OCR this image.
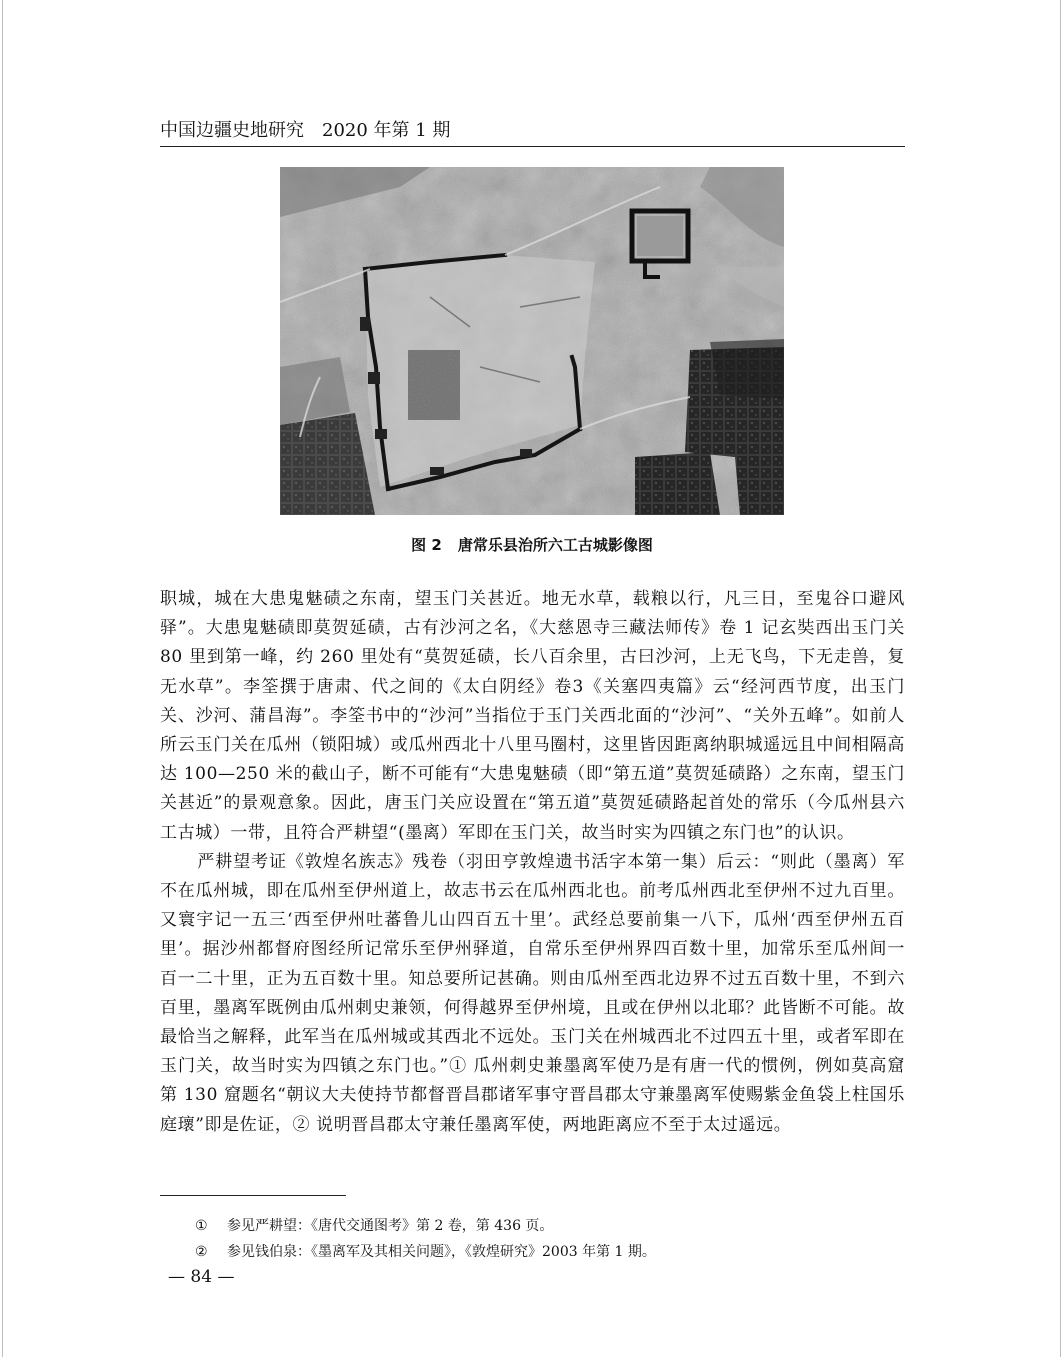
中国边疆史地研究　2020 年第 1 期
图 2 唐常乐县治所六工古城影像图

职城，城在大患鬼魅碛之东南，望玉门关甚近。地无水草，载粮以行，凡三日，至鬼谷口避风驿”。大患鬼魅碛即莫贺延碛，古有沙河之名，《大慈恩寺三藏法师传》卷 1 记玄奘西出玉门关 80 里到第一峰，约 260 里处有“莫贺延碛，长八百余里，古曰沙河，上无飞鸟，下无走兽，复无水草”。李筌撰于唐肃、代之间的《太白阴经》卷3《关塞四夷篇》云“经河西节度，出玉门关、沙河、蒲昌海”。李筌书中的“沙河”当指位于玉门关西北面的“沙河”、“关外五峰”。如前人所云玉门关在瓜州（锁阳城）或瓜州西北十八里马圈村，这里皆因距离纳职城遥远且中间相隔高达 100—250 米的截山子，断不可能有“大患鬼魅碛（即“第五道”莫贺延碛路）之东南，望玉门关甚近”的景观意象。因此，唐玉门关应设置在“第五道”莫贺延碛路起首处的常乐（今瓜州县六工古城）一带，且符合严耕望“(墨离）军即在玉门关，故当时实为四镇之东门也”的认识。

严耕望考证《敦煌名族志》残卷（羽田亨敦煌遗书活字本第一集）后云：“则此（墨离）军不在瓜州城，即在瓜州至伊州道上，故志书云在瓜州西北也。前考瓜州西北至伊州不过九百里。又寰宇记一五三‘西至伊州吐蕃鲁儿山四百五十里’。武经总要前集一八下，瓜州‘西至伊州五百里’。据沙州都督府图经所记常乐至伊州驿道，自常乐至伊州界四百数十里，加常乐至瓜州间一百一二十里，正为五百数十里。知总要所记甚确。则由瓜州至西北边界不过五百数十里，不到六百里，墨离军既例由瓜州刺史兼领，何得越界至伊州境，且或在伊州以北耶？此皆断不可能。故最恰当之解释，此军当在瓜州城或其西北不远处。玉门关在州城西北不过四五十里，或者军即在玉门关，故当时实为四镇之东门也。”① 瓜州刺史兼墨离军使乃是有唐一代的惯例，例如莫高窟第 130 窟题名“朝议大夫使持节都督晋昌郡诸军事守晋昌郡太守兼墨离军使赐紫金鱼袋上柱国乐庭瓌”即是佐证，② 说明晋昌郡太守兼任墨离军使，两地距离应不至于太过遥远。

① 参见严耕望：《唐代交通图考》第 2 卷，第 436 页。
② 参见钱伯泉：《墨离军及其相关问题》，《敦煌研究》2003 年第 1 期。
— 84 —
